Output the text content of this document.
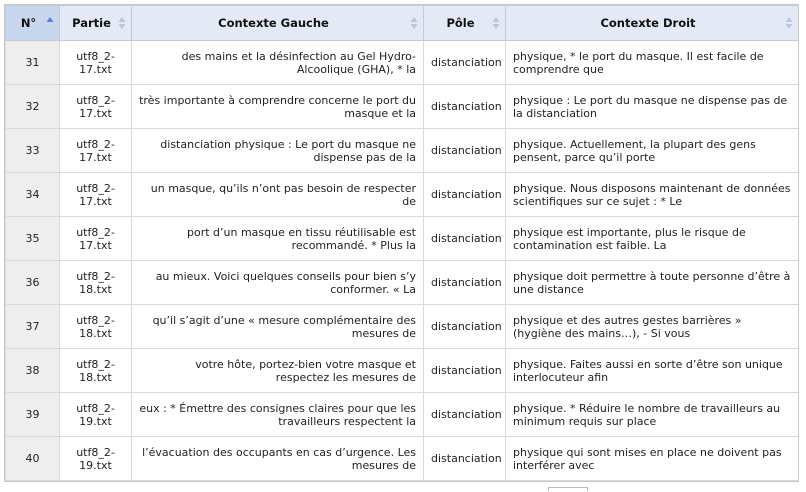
N°	Partie	Contexte Gauche	Pôle	Contexte Droit

31	utf8_2-17.txt	des mains et la désinfection au Gel Hydro-Alcoolique (GHA), * la	distanciation	physique, * le port du masque. Il est facile de comprendre que
32	utf8_2-17.txt	très importante à comprendre concerne le port du masque et la	distanciation	physique : Le port du masque ne dispense pas de la distanciation
33	utf8_2-17.txt	distanciation physique : Le port du masque ne dispense pas de la	distanciation	physique. Actuellement, la plupart des gens pensent, parce qu’il porte
34	utf8_2-17.txt	un masque, qu’ils n’ont pas besoin de respecter de	distanciation	physique. Nous disposons maintenant de données scientifiques sur ce sujet : * Le
35	utf8_2-17.txt	port d’un masque en tissu réutilisable est recommandé. * Plus la	distanciation	physique est importante, plus le risque de contamination est faible. La
36	utf8_2-18.txt	au mieux. Voici quelques conseils pour bien s’y conformer. « La	distanciation	physique doit permettre à toute personne d’être à une distance
37	utf8_2-18.txt	qu’il s’agit d’une « mesure complémentaire des mesures de	distanciation	physique et des autres gestes barrières » (hygiène des mains…), - Si vous
38	utf8_2-18.txt	votre hôte, portez-bien votre masque et respectez les mesures de	distanciation	physique. Faites aussi en sorte d’être son unique interlocuteur afin
39	utf8_2-19.txt	eux : * Émettre des consignes claires pour que les travailleurs respectent la	distanciation	physique. * Réduire le nombre de travailleurs au minimum requis sur place
40	utf8_2-19.txt	l’évacuation des occupants en cas d’urgence. Les mesures de	distanciation	physique qui sont mises en place ne doivent pas interférer avec
